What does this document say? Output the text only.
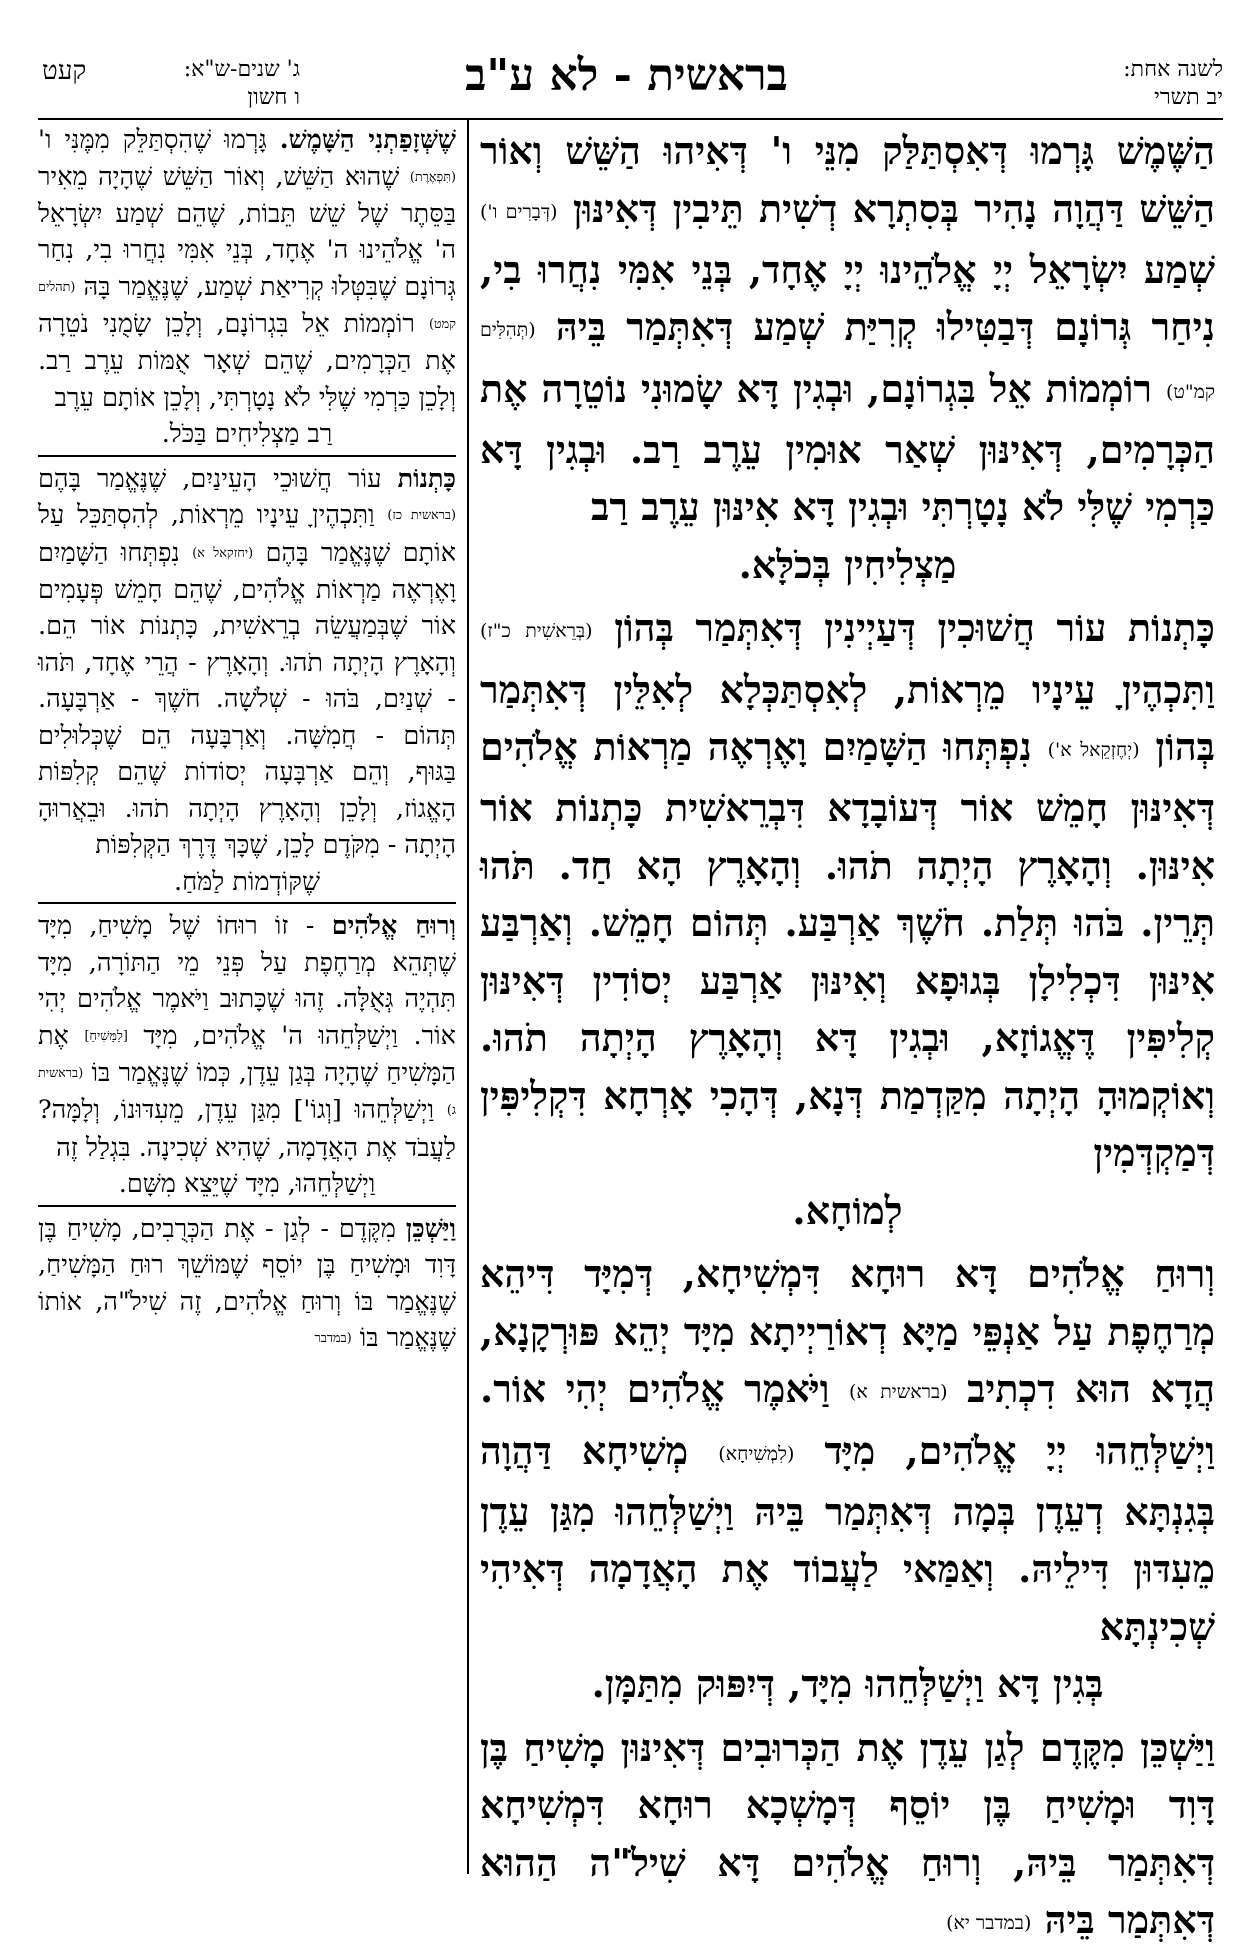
לשנה אחת:
יב תשרי
בראשית - לא ע"ב
ג' שנים-ש"א:
ו חשון
קעט

הַשֶּׁמֶשׁ גָּרְמוּ דְּאִסְתַּלַּק מִנֵּי ו' דְּאִיהוּ הַשֵּׁשׁ וְאוֹר הַשֵּׁשׁ דַּהֲוָה נָהִיר בְּסִתְרָא דְשִׁית תֵּיבִין דְּאִינּוּן (דְּבָרִים ו') שְׁמַע יִשְׂרָאֵל יְיָ אֱלֹהֵינוּ יְיָ אֶחָד, בְּנֵי אִמִּי נִחֲרוּ בִי, נִיחַר גְּרוֹנָם דְּבַטִּילוּ קְרִיַּת שְׁמַע דְּאִתְּמַר בֵּיהּ (תְּהִלִּים קמ"ט) רוֹמְמוֹת אֵל בִּגְרוֹנָם, וּבְגִין דָּא שָׂמוּנִי נוֹטֵרָה אֶת הַכְּרָמִים, דְּאִינּוּן שְׁאַר אוּמִין עֵרֶב רַב. וּבְגִין דָּא כַּרְמִי שֶׁלִּי לֹא נָטָרְתִּי וּבְגִין דָּא אִינּוּן עֵרֶב רַב

מַצְלִיחִין בְּכֹלָּא.

כָּתְנוֹת עוֹר חֲשׁוּכִין דְּעַיְינִין דְּאִתְּמַר בְּהוֹן (בְּרֵאשִׁית כ"ז) וַתִּכְהֶיןָ עֵינָיו מֵרְאוֹת, לְאִסְתַּכְּלָא לְאִלֵּין דְּאִתְּמַר בְּהוֹן (יְחֶזְקֵאל א') נִפְתְּחוּ הַשָּׁמַיִם וָאֶרְאֶה מַרְאוֹת אֱלֹהִים דְּאִינּוּן חָמֵשׁ אוֹר דְּעוֹבָדָא דִּבְרֵאשִׁית כָּתְנוֹת אוֹר אִינּוּן. וְהָאָרֶץ הָיְתָה תֹהוּ. וְהָאָרֶץ הָא חַד. תֹּהוּ תְּרֵין. בֹּהוּ תְּלַת. חֹשֶׁךְ אַרְבַּע. תְּהוֹם חָמֵשׁ. וְאַרְבַּע אִינּוּן דִּכְלִילָן בְּגוּפָא וְאִינּוּן אַרְבַּע יְסוֹדִין דְּאִינּוּן קְלִיפִּין דֶּאֱגוֹזָא, וּבְגִין דָּא וְהָאָרֶץ הָיְתָה תֹהוּ. וְאוֹקְמוּהָ הָיְתָה מִקַּדְמַת דְּנָא, דְּהָכִי אָרְחָא דִּקְלִיפִּין דְּמַקְדְּמִין

לְמוֹחָא.

וְרוּחַ אֱלֹהִים דָּא רוּחָא דִּמְשִׁיחָא, דְּמִיָּד דִּיהֵא מְרַחֶפֶת עַל אַנְפֵּי מַיָּא דְאוֹרַיְיתָא מִיָּד יְהֵא פּוּרְקָנָא, הֲדָא הוּא דִכְתִיב (בראשית א) וַיֹּאמֶר אֱלֹהִים יְהִי אוֹר. וַיְשַׁלְּחֵהוּ יְיָ אֱלֹהִים, מִיָּד (לִמְשִׁיחָא) מְשִׁיחָא דַּהֲוָה בְּגִנְתָּא דְעֵדֶן בְּמָה דְּאִתְּמַר בֵּיהּ וַיְשַׁלְּחֵהוּ מִגַּן עֵדֶן מֵעִדּוּן דִּילֵיהּ. וְאַמַּאי לַעֲבוֹד אֶת הָאֲדָמָה דְּאִיהִי שְׁכִינְתָּא

בְּגִין דָּא וַיְשַׁלְּחֵהוּ מִיָּד, דְּיִפּוּק מִתַּמָּן.

וַיַּשְׁכֵּן מִקֶּדֶם לְגַן עֵדֶן אֶת הַכְּרוּבִים דְּאִינּוּן מָשִׁיחַ בֶּן דָּוִד וּמָשִׁיחַ בֶּן יוֹסֵף דְּמָשְׁכָא רוּחָא דִּמְשִׁיחָא דְּאִתְּמַר בֵּיהּ, וְרוּחַ אֱלֹהִים דָּא שִׁילֹ"ה הַהוּא דְּאִתְּמַר בֵּיהּ (במדבר יא)

שֶׁשְּׁזָפַתְנִי הַשָּׁמֶשׁ. גָּרְמוּ שֶׁהִסְתַּלֵּק מִמֶּנִּי ו' (תִּפְאֶרֶת) שֶׁהוּא הַשֵּׁשׁ, וְאוֹר הַשֵּׁשׁ שֶׁהָיָה מֵאִיר בַּסֵּתֶר שֶׁל שֵׁשׁ תֵּבוֹת, שֶׁהֵם שְׁמַע יִשְׂרָאֵל ה' אֱלֹהֵינוּ ה' אֶחָד, בְּנֵי אִמִּי נִחֲרוּ בִי, נִחַר גְּרוֹנָם שֶׁבִּטְּלוּ קְרִיאַת שְׁמַע, שֶׁנֶּאֱמַר בָּהּ (תהלים קמט) רוֹמְמוֹת אֵל בִּגְרוֹנָם, וְלָכֵן שָׂמֻנִי נֹטֵרָה אֶת הַכְּרָמִים, שֶׁהֵם שְׁאָר אֻמּוֹת עֵרֶב רַב. וְלָכֵן כַּרְמִי שֶׁלִּי לֹא נָטָרְתִּי, וְלָכֵן אוֹתָם עֵרֶב

רַב מַצְלִיחִים בַּכֹּל.

כָּתְנוֹת עוֹר חֲשׁוּכֵי הָעֵינַיִם, שֶׁנֶּאֱמַר בָּהֶם (בראשית כז) וַתִּכְהֶיןָ עֵינָיו מֵרְאוֹת, לְהִסְתַּכֵּל עַל אוֹתָם שֶׁנֶּאֱמַר בָּהֶם (יחזקאל א) נִפְתְּחוּ הַשָּׁמַיִם וָאֶרְאֶה מַרְאוֹת אֱלֹהִים, שֶׁהֵם חָמֵשׁ פְּעָמִים אוֹר שֶׁבְּמַעֲשֵׂה בְרֵאשִׁית, כָּתְנוֹת אוֹר הֵם. וְהָאָרֶץ הָיְתָה תֹהוּ. וְהָאָרֶץ - הֲרֵי אֶחָד, תֹּהוּ - שְׁנַיִם, בֹּהוּ - שְׁלֹשָׁה. חֹשֶׁךְ - אַרְבָּעָה. תְּהוֹם - חֲמִשָּׁה. וְאַרְבָּעָה הֵם שֶׁכְּלוּלִים בַּגּוּף, וְהֵם אַרְבָּעָה יְסוֹדוֹת שֶׁהֵם קְלִפּוֹת הָאֱגוֹז, וְלָכֵן וְהָאָרֶץ הָיְתָה תֹהוּ. וּבֵאֲרוּהָ הָיְתָה - מִקֹּדֶם לָכֵן, שֶׁכָּךְ דֶּרֶךְ הַקְּלִפּוֹת

שֶׁקּוֹדְמוֹת לַמֹּחַ.

וְרוּחַ אֱלֹהִים - זוֹ רוּחוֹ שֶׁל מָשִׁיחַ, מִיָּד שֶׁתְּהֵא מְרַחֶפֶת עַל פְּנֵי מֵי הַתּוֹרָה, מִיָּד תִּהְיֶה גְּאֻלָּה. זֶהוּ שֶׁכָּתוּב וַיֹּאמֶר אֱלֹהִים יְהִי אוֹר. וַיְשַׁלְּחֵהוּ ה' אֱלֹהִים, מִיָּד [לַמָּשִׁיחַ] אֶת הַמָּשִׁיחַ שֶׁהָיָה בְּגַן עֵדֶן, כְּמוֹ שֶׁנֶּאֱמַר בּוֹ (בראשית ג) וַיְשַׁלְּחֵהוּ [וְגוֹ'] מִגַּן עֵדֶן, מֵעִדּוּנוֹ, וְלָמָּה? לַעֲבֹד אֶת הָאֲדָמָה, שֶׁהִיא שְׁכִינָה. בִּגְלַל זֶה

וַיְשַׁלְּחֵהוּ, מִיָּד שֶׁיֵּצֵא מִשָּׁם.

וַיַּשְׁכֵּן מִקֶּדֶם - לְגַן - אֶת הַכְּרֻבִים, מָשִׁיחַ בֶּן דָּוִד וּמָשִׁיחַ בֶּן יוֹסֵף שֶׁמּוֹשֵׁךְ רוּחַ הַמָּשִׁיחַ, שֶׁנֶּאֱמַר בּוֹ וְרוּחַ אֱלֹהִים, זֶה שִׁילֹ"ה, אוֹתוֹ שֶׁנֶּאֱמַר בּוֹ (במדבר
